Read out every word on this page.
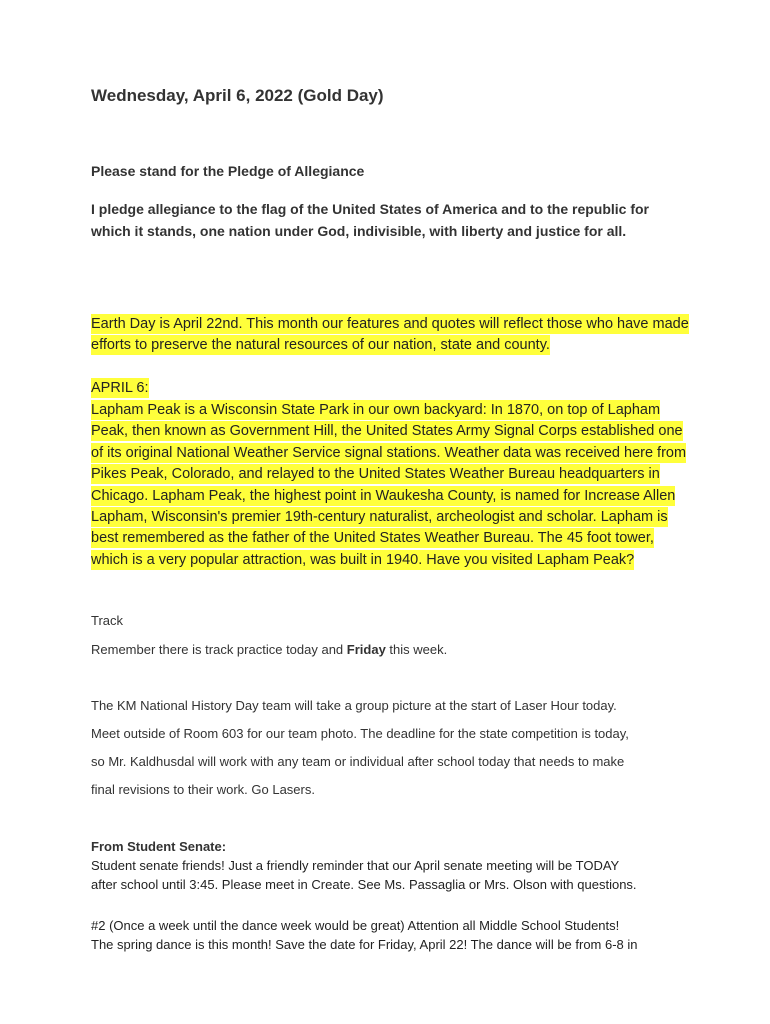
Wednesday, April 6, 2022 (Gold Day)
Please stand for the Pledge of Allegiance
I pledge allegiance to the flag of the United States of America and to the republic for which it stands, one nation under God, indivisible, with liberty and justice for all.
Earth Day is April 22nd. This month our features and quotes will reflect those who have made efforts to preserve the natural resources of our nation, state and county.
APRIL 6:
Lapham Peak is a Wisconsin State Park in our own backyard: In 1870, on top of Lapham Peak, then known as Government Hill, the United States Army Signal Corps established one of its original National Weather Service signal stations. Weather data was received here from Pikes Peak, Colorado, and relayed to the United States Weather Bureau headquarters in Chicago. Lapham Peak, the highest point in Waukesha County, is named for Increase Allen Lapham, Wisconsin's premier 19th-century naturalist, archeologist and scholar. Lapham is best remembered as the father of the United States Weather Bureau. The 45 foot tower, which is a very popular attraction, was built in 1940. Have you visited Lapham Peak?
Track
Remember there is track practice today and Friday this week.
The KM National History Day team will take a group picture at the start of Laser Hour today.
Meet outside of Room 603 for our team photo. The deadline for the state competition is today,
so Mr. Kaldhusdal will work with any team or individual after school today that needs to make
final revisions to their work. Go Lasers.
From Student Senate:
Student senate friends! Just a friendly reminder that our April senate meeting will be TODAY
after school until 3:45. Please meet in Create. See Ms. Passaglia or Mrs. Olson with questions.
#2 (Once a week until the dance week would be great) Attention all Middle School Students!
The spring dance is this month! Save the date for Friday, April 22! The dance will be from 6-8 in
